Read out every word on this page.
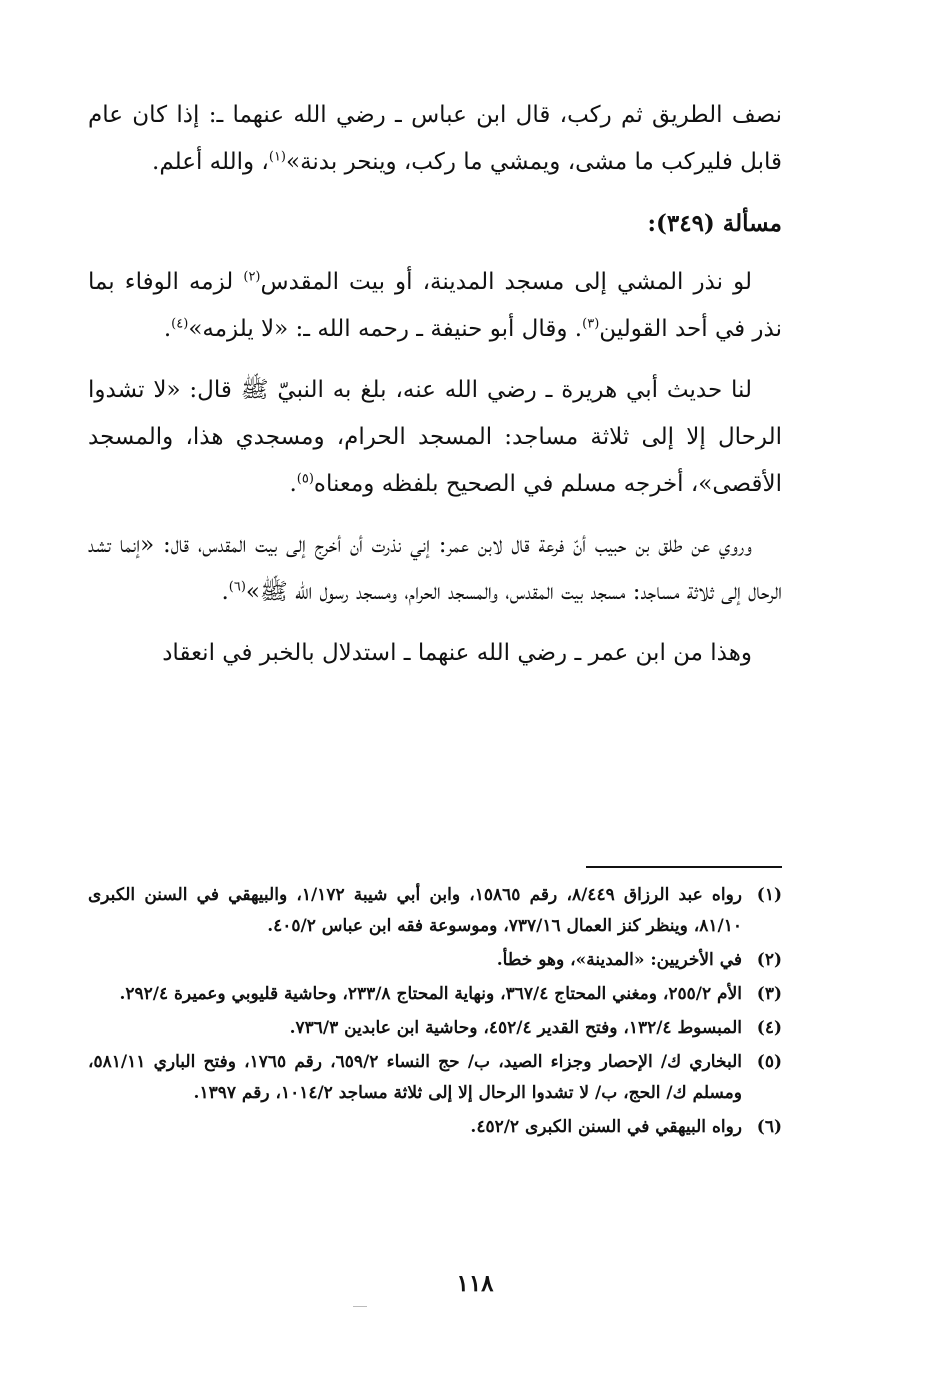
نصف الطريق ثم ركب، قال ابن عباس ـ رضي الله عنهما ـ: إذا كان عام قابل فليركب ما مشى، ويمشي ما ركب، وينحر بدنة»$^{(١)}$، والله أعلم.

مسألة (٣٤٩):

لو نذر المشي إلى مسجد المدينة، أو بيت المقدس$^{(٢)}$ لزمه الوفاء بما نذر في أحد القولين$^{(٣)}$. وقال أبو حنيفة ـ رحمه الله ـ: «لا يلزمه»$^{(٤)}$.

لنا حديث أبي هريرة ـ رضي الله عنه، بلغ به النبيّ ﷺ قال: «لا تشدوا الرحال إلا إلى ثلاثة مساجد: المسجد الحرام، ومسجدي هذا، والمسجد الأقصى»، أخرجه مسلم في الصحيح بلفظه ومعناه$^{(٥)}$.

وروي عن طلق بن حبيب أنّ فرعة قال لابن عمر: إني نذرت أن أخرج إلى بيت المقدس، قال: «إنما تشد الرحال إلى ثلاثة مساجد: مسجد بيت المقدس، والمسجد الحرام، ومسجد رسول الله ﷺ»$^{(٦)}$.

وهذا من ابن عمر ـ رضي الله عنهما ـ استدلال بالخبر في انعقاد

(١)
رواه عبد الرزاق ٨/٤٤٩، رقم ١٥٨٦٥، وابن أبي شيبة ١/١٧٢، والبيهقي في السنن الكبرى ٨١/١٠، وينظر كنز العمال ٧٣٧/١٦، وموسوعة فقه ابن عباس ٤٠٥/٢.
(٢)
في الأخريين: «المدينة»، وهو خطأ.
(٣)
الأم ٢٥٥/٢، ومغني المحتاج ٣٦٧/٤، ونهاية المحتاج ٢٣٣/٨، وحاشية قليوبي وعميرة ٢٩٢/٤.
(٤)
المبسوط ١٣٢/٤، وفتح القدير ٤٥٢/٤، وحاشية ابن عابدين ٧٣٦/٣.
(٥)
البخاري ك/ الإحصار وجزاء الصيد، ب/ حج النساء ٦٥٩/٢، رقم ١٧٦٥، وفتح الباري ٥٨١/١١، ومسلم ك/ الحج، ب/ لا تشدوا الرحال إلا إلى ثلاثة مساجد ١٠١٤/٢، رقم ١٣٩٧.
(٦)
رواه البيهقي في السنن الكبرى ٤٥٢/٢.
١١٨
